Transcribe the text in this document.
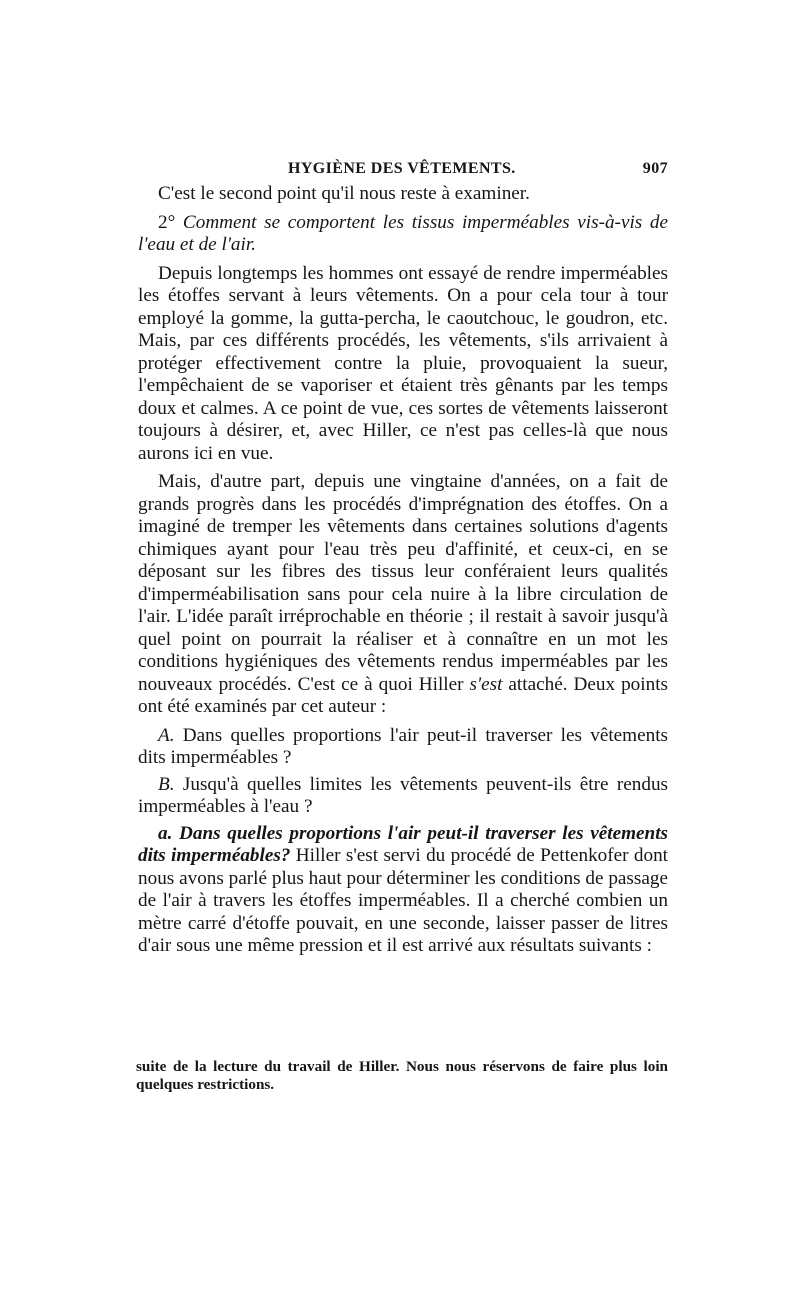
HYGIÈNE DES VÊTEMENTS.	907

C'est le second point qu'il nous reste à examiner.

2° Comment se comportent les tissus imperméables vis-à-vis de l'eau et de l'air.

Depuis longtemps les hommes ont essayé de rendre imperméables les étoffes servant à leurs vêtements. On a pour cela tour à tour employé la gomme, la gutta-percha, le caoutchouc, le goudron, etc. Mais, par ces différents procédés, les vêtements, s'ils arrivaient à protéger effectivement contre la pluie, provoquaient la sueur, l'empêchaient de se vaporiser et étaient très gênants par les temps doux et calmes. A ce point de vue, ces sortes de vêtements laisseront toujours à désirer, et, avec Hiller, ce n'est pas celles-là que nous aurons ici en vue.

Mais, d'autre part, depuis une vingtaine d'années, on a fait de grands progrès dans les procédés d'imprégnation des étoffes. On a imaginé de tremper les vêtements dans certaines solutions d'agents chimiques ayant pour l'eau très peu d'affinité, et ceux-ci, en se déposant sur les fibres des tissus leur conféraient leurs qualités d'imperméabilisation sans pour cela nuire à la libre circulation de l'air. L'idée paraît irréprochable en théorie ; il restait à savoir jusqu'à quel point on pourrait la réaliser et à connaître en un mot les conditions hygiéniques des vêtements rendus imperméables par les nouveaux procédés. C'est ce à quoi Hiller s'est attaché. Deux points ont été examinés par cet auteur :

A. Dans quelles proportions l'air peut-il traverser les vêtements dits imperméables ?

B. Jusqu'à quelles limites les vêtements peuvent-ils être rendus imperméables à l'eau ?

a. Dans quelles proportions l'air peut-il traverser les vêtements dits imperméables? Hiller s'est servi du procédé de Pettenkofer dont nous avons parlé plus haut pour déterminer les conditions de passage de l'air à travers les étoffes imperméables. Il a cherché combien un mètre carré d'étoffe pouvait, en une seconde, laisser passer de litres d'air sous une même pression et il est arrivé aux résultats suivants :

suite de la lecture du travail de Hiller. Nous nous réservons de faire plus loin quelques restrictions.
